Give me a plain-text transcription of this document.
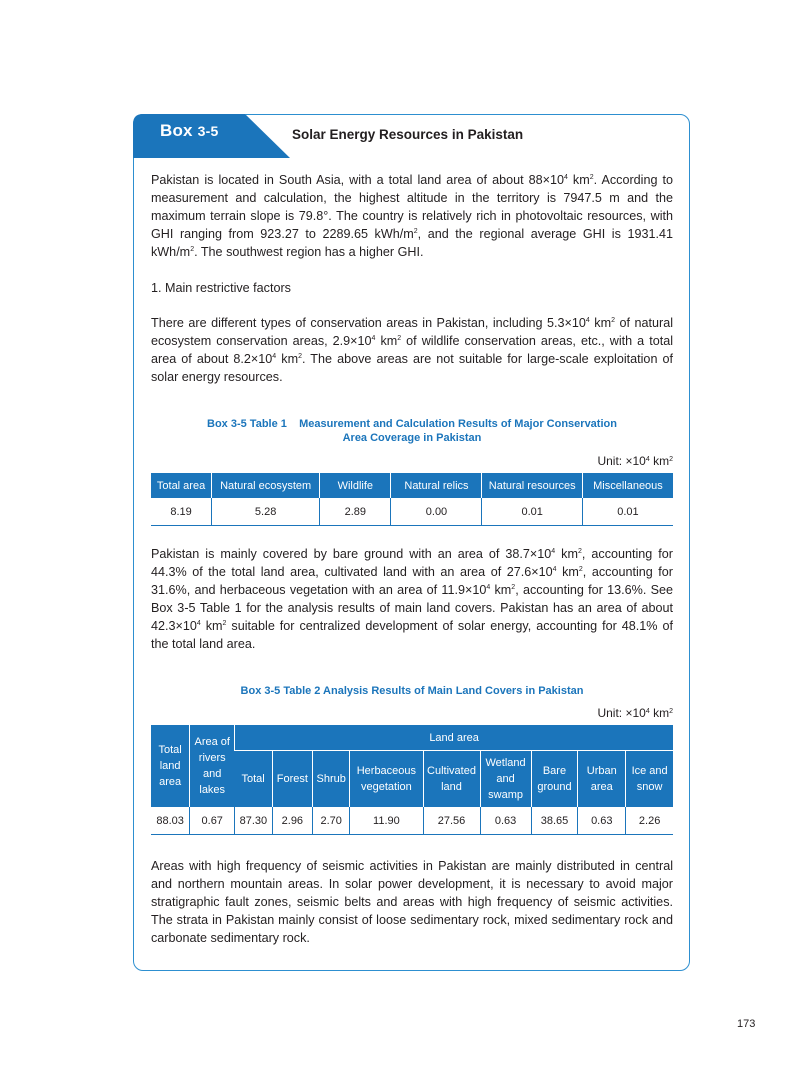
Box 3-5	Solar Energy Resources in Pakistan

Pakistan is located in South Asia, with a total land area of about $88\times 10^4$ $km^2$. According to measurement and calculation, the highest altitude in the territory is 7947.5 m and the maximum terrain slope is 79.8°. The country is relatively rich in photovoltaic resources, with GHI ranging from 923.27 to 2289.65 kWh/$m^2$, and the regional average GHI is 1931.41 kWh/$m^2$. The southwest region has a higher GHI.

1. Main restrictive factors

There are different types of conservation areas in Pakistan, including $5.3\times 10^4$ $km^2$ of natural ecosystem conservation areas, $2.9\times 10^4$ $km^2$ of wildlife conservation areas, etc., with a total area of about $8.2\times 10^4$ $km^2$. The above areas are not suitable for large-scale exploitation of solar energy resources.

Box 3-5 Table 1    Measurement and Calculation Results of Major Conservation
Area Coverage in Pakistan
Unit: $\times 10^4$ $km^2$
Total area	Natural ecosystem	Wildlife	Natural relics	Natural resources	Miscellaneous
8.19	5.28	2.89	0.00	0.01	0.01

Pakistan is mainly covered by bare ground with an area of $38.7\times 10^4$ $km^2$, accounting for 44.3% of the total land area, cultivated land with an area of $27.6\times 10^4$ $km^2$, accounting for 31.6%, and herbaceous vegetation with an area of $11.9\times 10^4$ $km^2$, accounting for 13.6%. See Box 3-5 Table 1 for the analysis results of main land covers. Pakistan has an area of about $42.3\times 10^4$ $km^2$ suitable for centralized development of solar energy, accounting for 48.1% of the total land area.

Box 3-5 Table 2 Analysis Results of Main Land Covers in Pakistan
Unit: $\times 10^4$ $km^2$
Total land area	Area of rivers and lakes	Land area								
		Total	Forest	Shrub	Herbaceous vegetation	Cultivated land	Wetland and swamp	Bare ground	Urban area	Ice and snow
88.03	0.67	87.30	2.96	2.70	11.90	27.56	0.63	38.65	0.63	2.26

Areas with high frequency of seismic activities in Pakistan are mainly distributed in central and northern mountain areas. In solar power development, it is necessary to avoid major stratigraphic fault zones, seismic belts and areas with high frequency of seismic activities. The strata in Pakistan mainly consist of loose sedimentary rock, mixed sedimentary rock and carbonate sedimentary rock.

173
